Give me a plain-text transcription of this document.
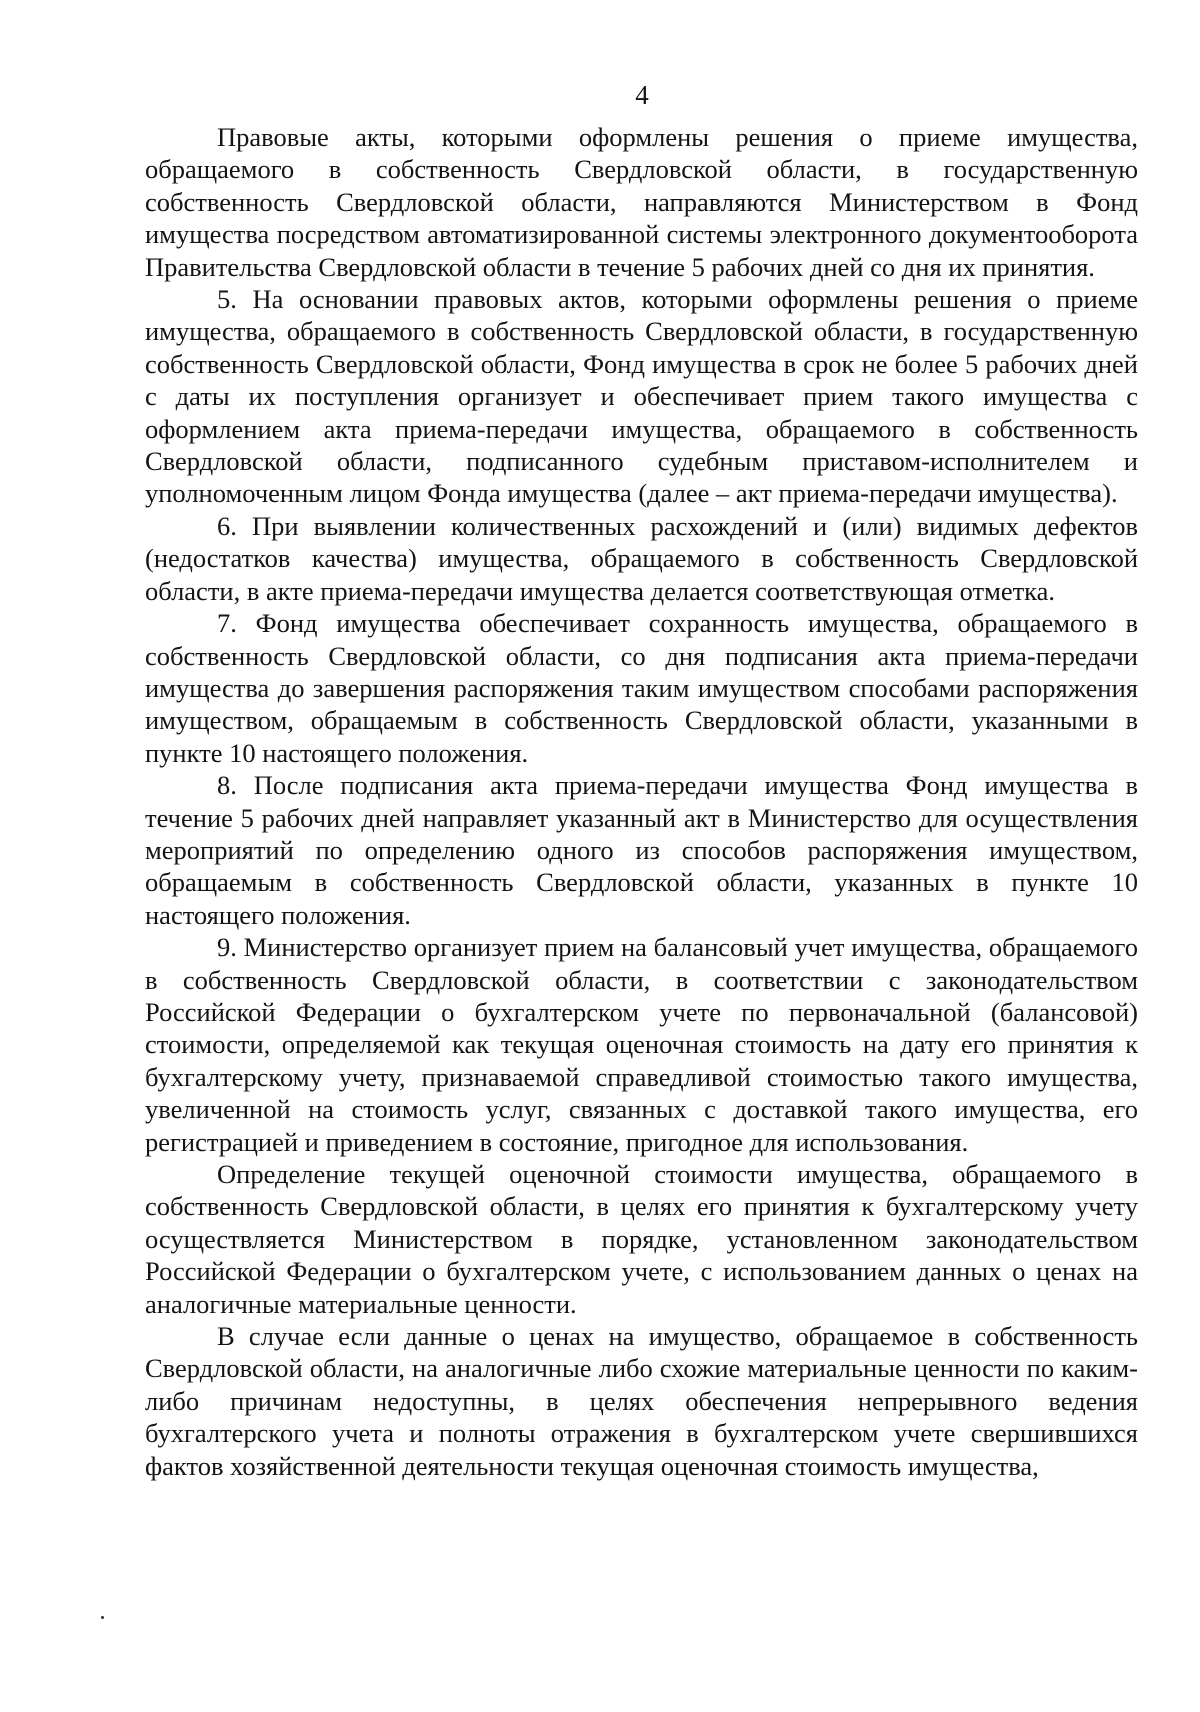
4

Правовые акты, которыми оформлены решения о приеме имущества, обращаемого в собственность Свердловской области, в государственную собственность Свердловской области, направляются Министерством в Фонд имущества посредством автоматизированной системы электронного документооборота Правительства Свердловской области в течение 5 рабочих дней со дня их принятия.

5. На основании правовых актов, которыми оформлены решения о приеме имущества, обращаемого в собственность Свердловской области, в государственную собственность Свердловской области, Фонд имущества в срок не более 5 рабочих дней с даты их поступления организует и обеспечивает прием такого имущества с оформлением акта приема-передачи имущества, обращаемого в собственность Свердловской области, подписанного судебным приставом-исполнителем и уполномоченным лицом Фонда имущества (далее – акт приема-передачи имущества).

6. При выявлении количественных расхождений и (или) видимых дефектов (недостатков качества) имущества, обращаемого в собственность Свердловской области, в акте приема-передачи имущества делается соответствующая отметка.

7. Фонд имущества обеспечивает сохранность имущества, обращаемого в собственность Свердловской области, со дня подписания акта приема-передачи имущества до завершения распоряжения таким имуществом способами распоряжения имуществом, обращаемым в собственность Свердловской области, указанными в пункте 10 настоящего положения.

8. После подписания акта приема-передачи имущества Фонд имущества в течение 5 рабочих дней направляет указанный акт в Министерство для осуществления мероприятий по определению одного из способов распоряжения имуществом, обращаемым в собственность Свердловской области, указанных в пункте 10 настоящего положения.

9. Министерство организует прием на балансовый учет имущества, обращаемого в собственность Свердловской области, в соответствии с законодательством Российской Федерации о бухгалтерском учете по первоначальной (балансовой) стоимости, определяемой как текущая оценочная стоимость на дату его принятия к бухгалтерскому учету, признаваемой справедливой стоимостью такого имущества, увеличенной на стоимость услуг, связанных с доставкой такого имущества, его регистрацией и приведением в состояние, пригодное для использования.

Определение текущей оценочной стоимости имущества, обращаемого в собственность Свердловской области, в целях его принятия к бухгалтерскому учету осуществляется Министерством в порядке, установленном законодательством Российской Федерации о бухгалтерском учете, с использованием данных о ценах на аналогичные материальные ценности.

В случае если данные о ценах на имущество, обращаемое в собственность Свердловской области, на аналогичные либо схожие материальные ценности по каким-либо причинам недоступны, в целях обеспечения непрерывного ведения бухгалтерского учета и полноты отражения в бухгалтерском учете свершившихся фактов хозяйственной деятельности текущая оценочная стоимость имущества,
